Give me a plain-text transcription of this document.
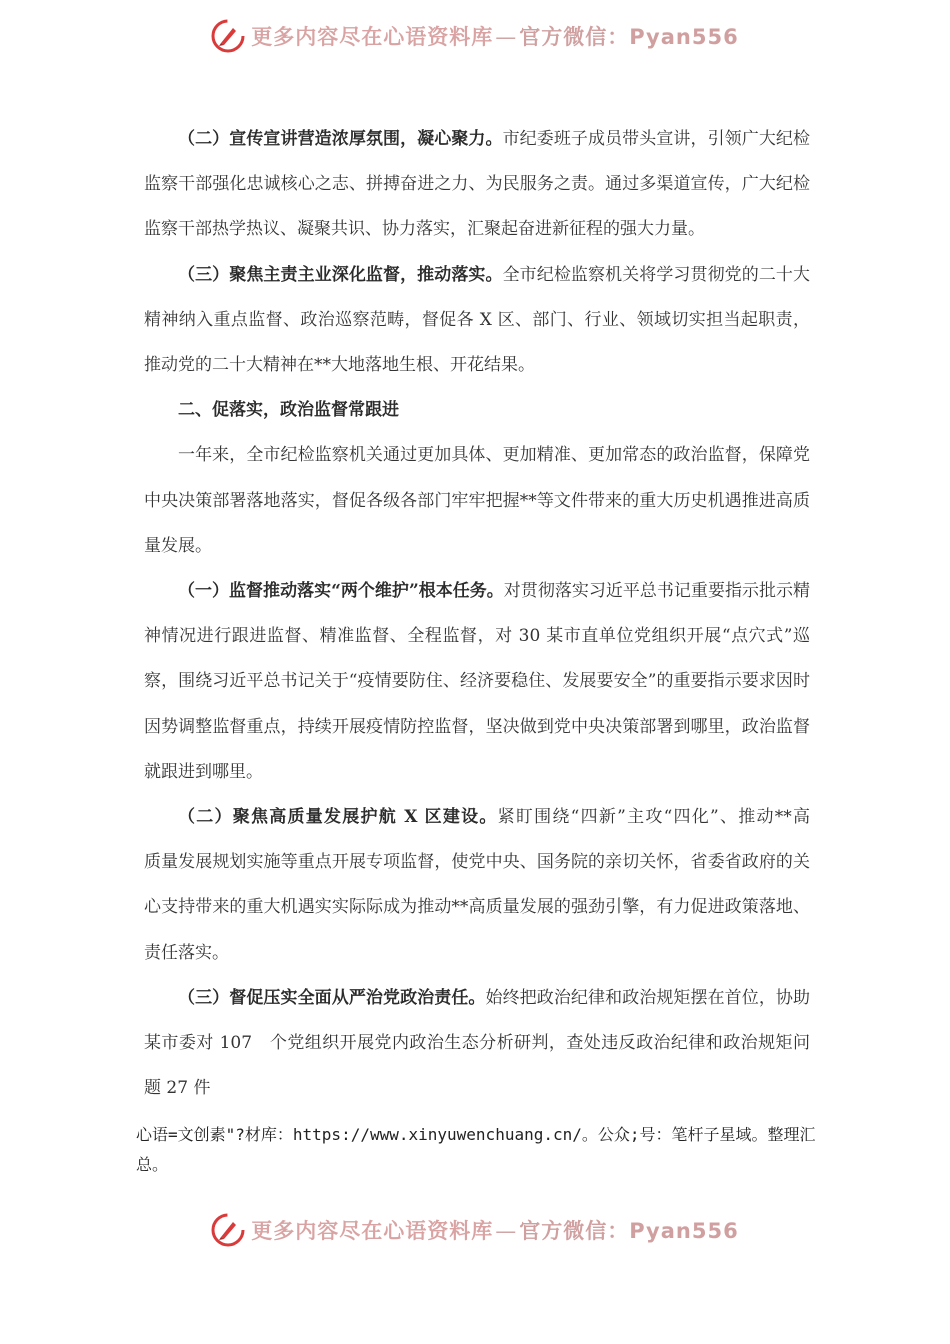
更多内容尽在心语资料库—官方微信：Pyan556

（二）宣传宣讲营造浓厚氛围，凝心聚力。市纪委班子成员带头宣讲，引领广大纪检监察干部强化忠诚核心之志、拼搏奋进之力、为民服务之责。通过多渠道宣传，广大纪检监察干部热学热议、凝聚共识、协力落实，汇聚起奋进新征程的强大力量。

（三）聚焦主责主业深化监督，推动落实。全市纪检监察机关将学习贯彻党的二十大精神纳入重点监督、政治巡察范畴，督促各 X 区、部门、行业、领域切实担当起职责，推动党的二十大精神在**大地落地生根、开花结果。

二、促落实，政治监督常跟进

一年来，全市纪检监察机关通过更加具体、更加精准、更加常态的政治监督，保障党中央决策部署落地落实，督促各级各部门牢牢把握**等文件带来的重大历史机遇推进高质量发展。

（一）监督推动落实“两个维护”根本任务。对贯彻落实习近平总书记重要指示批示精神情况进行跟进监督、精准监督、全程监督，对 30 某市直单位党组织开展“点穴式”巡察，围绕习近平总书记关于“疫情要防住、经济要稳住、发展要安全”的重要指示要求因时因势调整监督重点，持续开展疫情防控监督，坚决做到党中央决策部署到哪里，政治监督就跟进到哪里。

（二）聚焦高质量发展护航 X 区建设。紧盯围绕“四新”主攻“四化”、推动**高　　质量发展规划实施等重点开展专项监督，使党中央、国务院的亲切关怀，省委省政府的关心支持带来的重大机遇实实际际成为推动**高质量发展的强劲引擎，有力促进政策落地、责任落实。

（三）督促压实全面从严治党政治责任。始终把政治纪律和政治规矩摆在首位，协助 某市委对 107　个党组织开展党内政治生态分析研判，查处违反政治纪律和政治规矩问题 27 件

心语=文创素"?材库：https://www.xinyuwenchuang.cn/。公众;号：笔杆子星域。整理汇总。
更多内容尽在心语资料库—官方微信：Pyan556
